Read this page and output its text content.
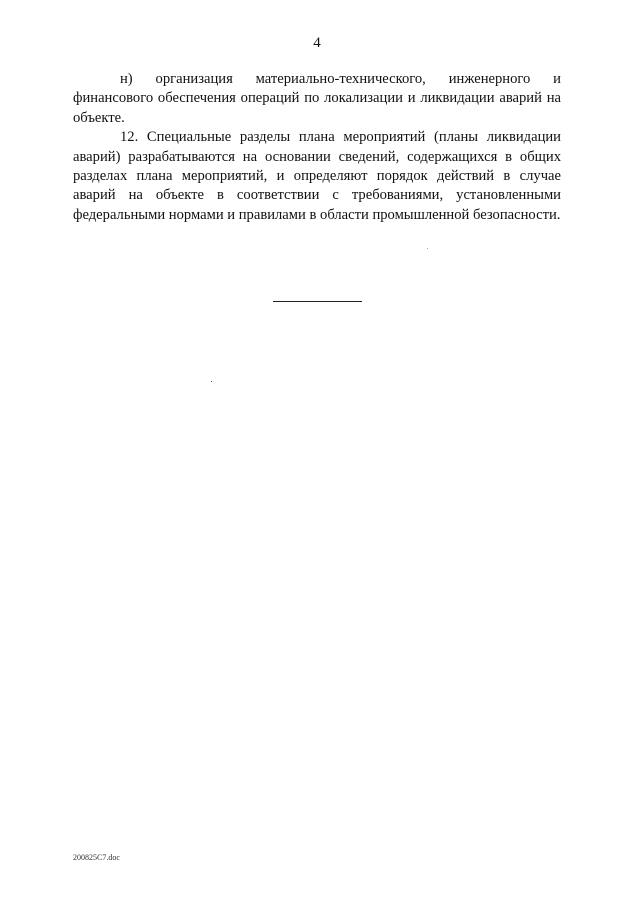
4

н) организация материально-технического, инженерного и финансового обеспечения операций по локализации и ликвидации аварий на объекте.

12. Специальные разделы плана мероприятий (планы ликвидации аварий) разрабатываются на основании сведений, содержащихся в общих разделах плана мероприятий, и определяют порядок действий в случае аварий на объекте в соответствии с требованиями, установленными федеральными нормами и правилами в области промышленной безопасности.

200825C7.doc
